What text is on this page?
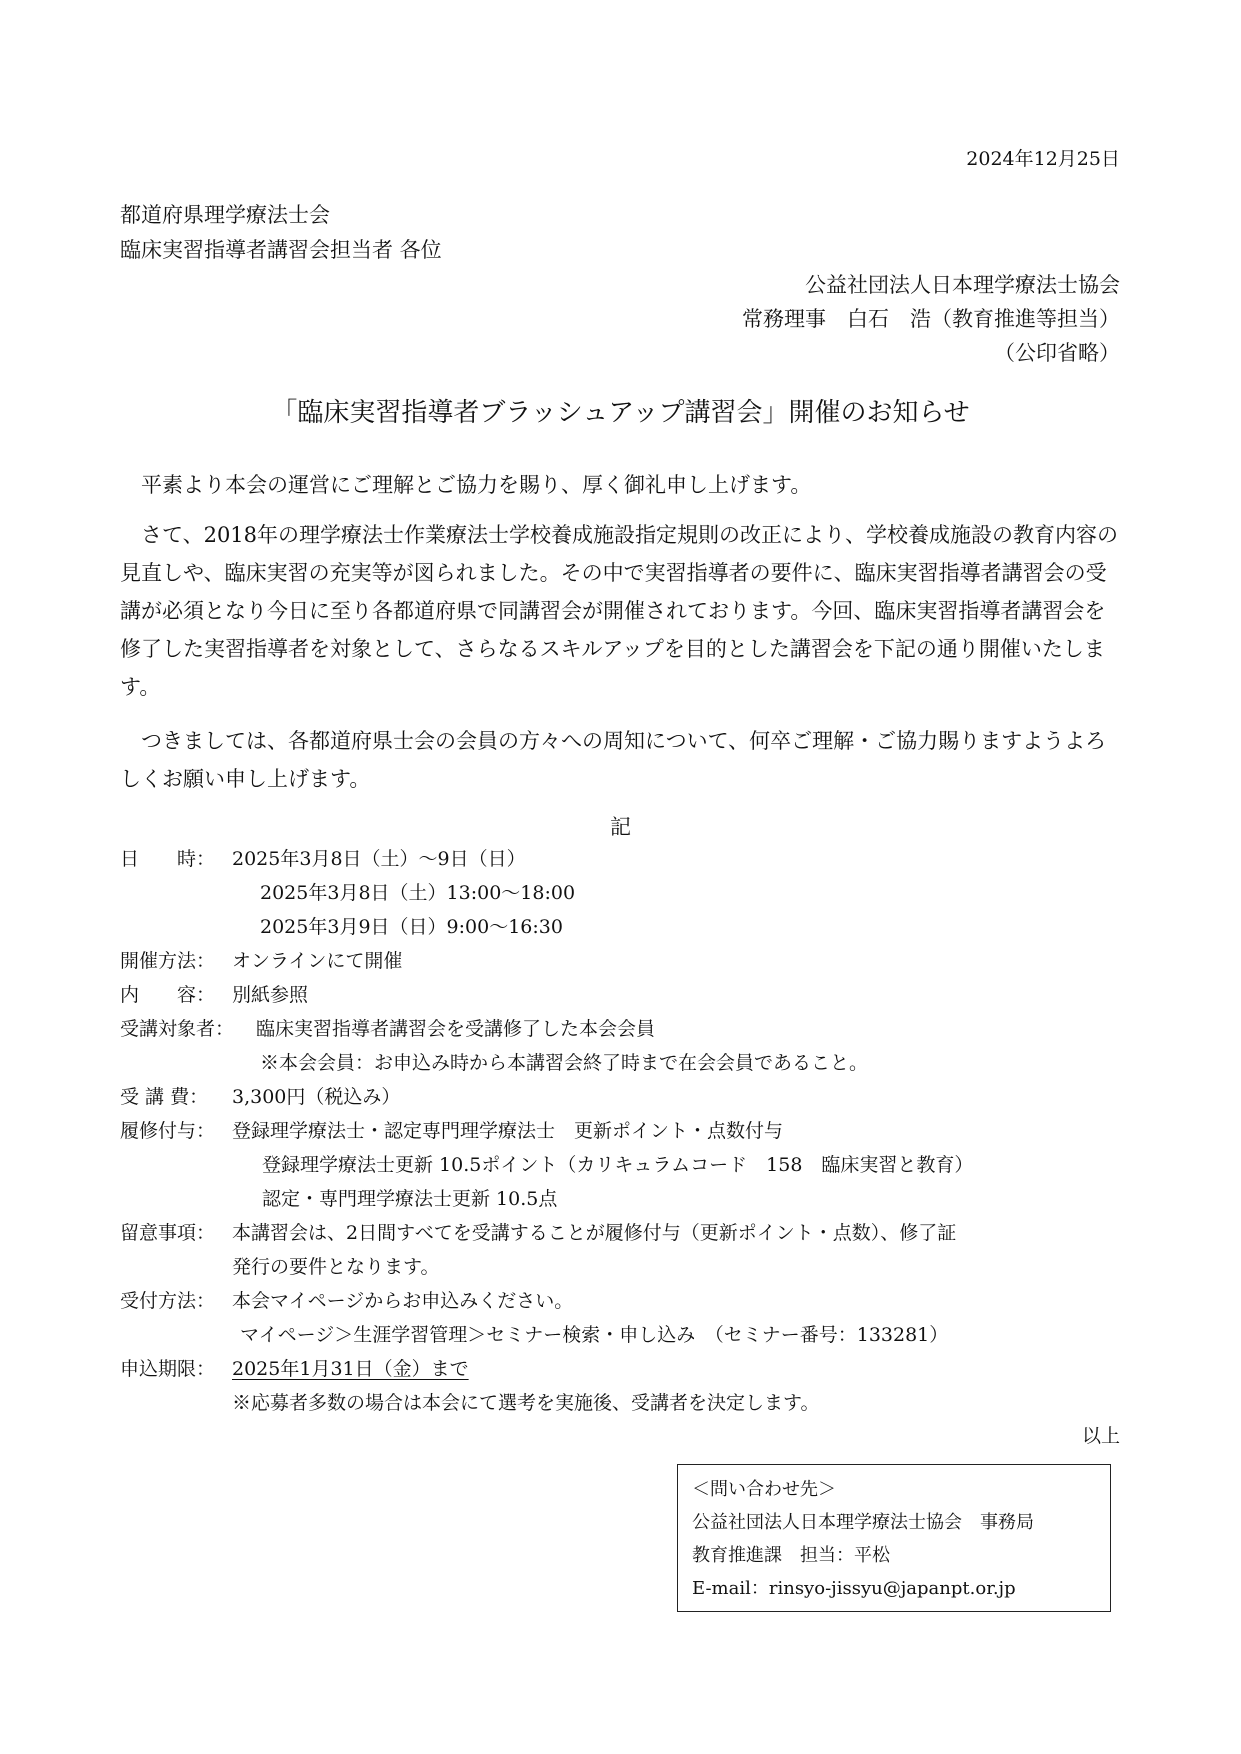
2024年12月25日
都道府県理学療法士会
臨床実習指導者講習会担当者 各位
公益社団法人日本理学療法士協会
常務理事　白石　浩（教育推進等担当）
（公印省略）
「臨床実習指導者ブラッシュアップ講習会」開催のお知らせ
平素より本会の運営にご理解とご協力を賜り、厚く御礼申し上げます。
さて、2018年の理学療法士作業療法士学校養成施設指定規則の改正により、学校養成施設の教育内容の見直しや、臨床実習の充実等が図られました。その中で実習指導者の要件に、臨床実習指導者講習会の受講が必須となり今日に至り各都道府県で同講習会が開催されております。今回、臨床実習指導者講習会を修了した実習指導者を対象として、さらなるスキルアップを目的とした講習会を下記の通り開催いたします。
つきましては、各都道府県士会の会員の方々への周知について、何卒ご理解・ご協力賜りますようよろしくお願い申し上げます。
記
日　　時： 2025年3月8日（土）～9日（日）
2025年3月8日（土）13:00～18:00
2025年3月9日（日）9:00～16:30
開催方法： オンラインにて開催
内　　容： 別紙参照
受講対象者： 臨床実習指導者講習会を受講修了した本会会員
※本会会員：お申込み時から本講習会終了時まで在会会員であること。
受 講 費： 3,300円（税込み）
履修付与： 登録理学療法士・認定専門理学療法士　更新ポイント・点数付与
登録理学療法士更新 10.5ポイント（カリキュラムコード　158　臨床実習と教育）
認定・専門理学療法士更新 10.5点
留意事項： 本講習会は、2日間すべてを受講することが履修付与（更新ポイント・点数）、修了証
発行の要件となります。
受付方法： 本会マイページからお申込みください。
マイページ＞生涯学習管理＞セミナー検索・申し込み　（セミナー番号：133281）
申込期限： 2025年1月31日（金）まで
※応募者多数の場合は本会にて選考を実施後、受講者を決定します。
以上
＜問い合わせ先＞
公益社団法人日本理学療法士協会　事務局
教育推進課　担当：平松
E-mail：rinsyo-jissyu@japanpt.or.jp
